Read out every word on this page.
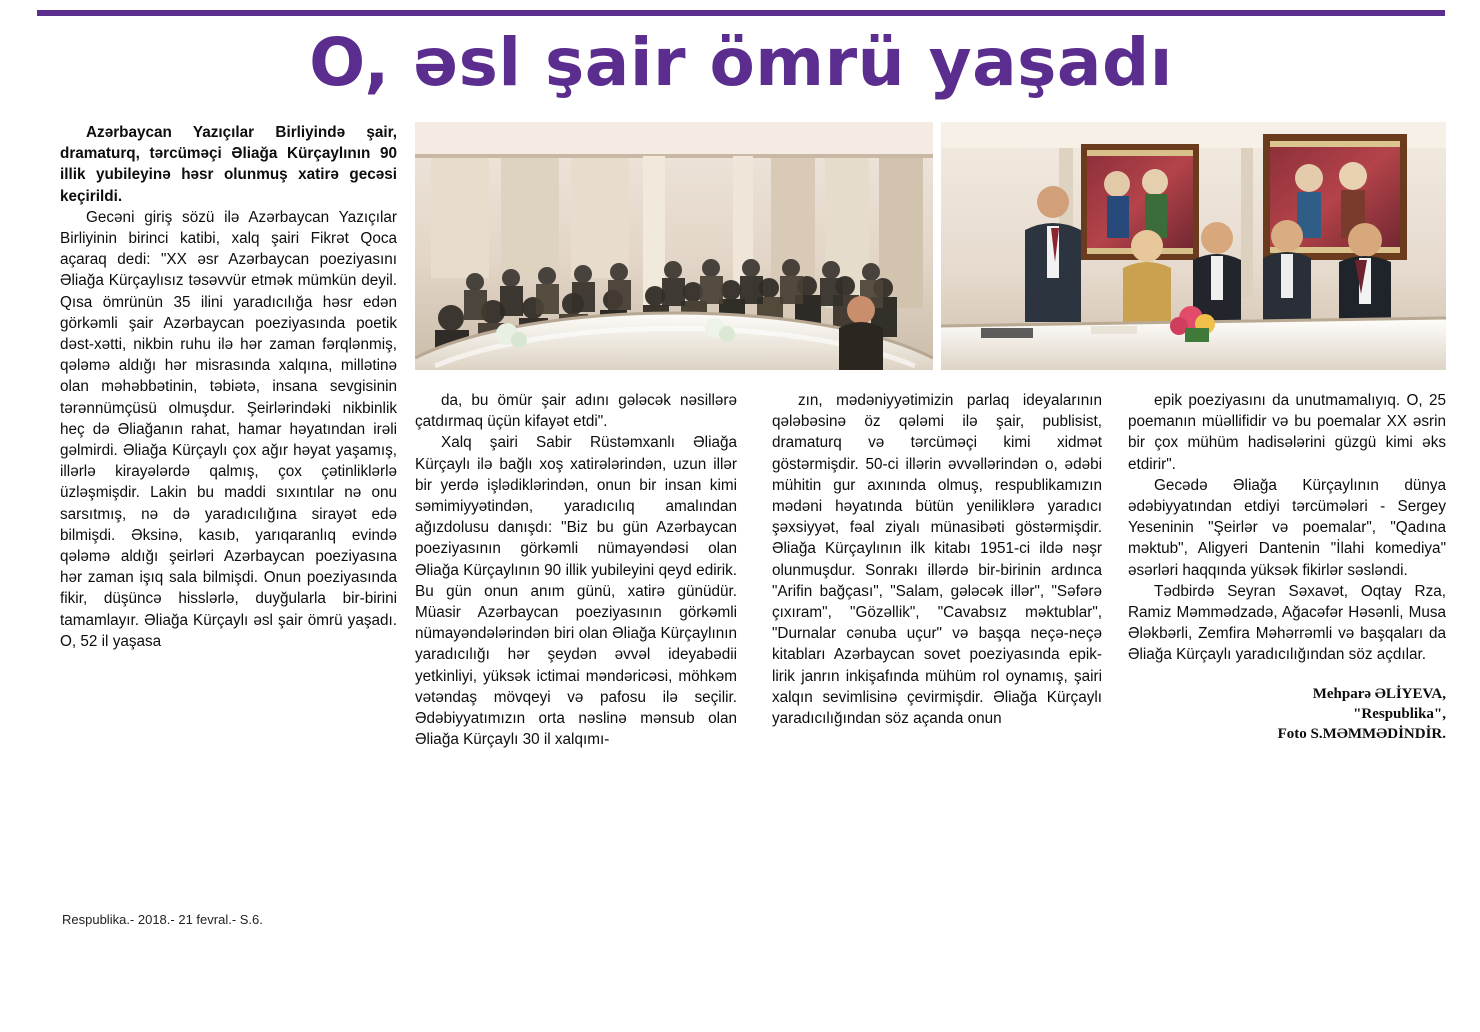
O, əsl şair ömrü yaşadı

Azərbaycan Yazıçılar Birliyində şair, dramaturq, tərcüməçi Əliağa Kürçaylının 90 illik yubileyinə həsr olunmuş xatirə gecəsi keçirildi.

Gecəni giriş sözü ilə Azərbaycan Yazıçılar Birliyinin birinci katibi, xalq şairi Fikrət Qoca açaraq dedi: "XX əsr Azərbaycan poeziyasını Əliağa Kürçaylısız təsəvvür etmək mümkün deyil. Qısa ömrünün 35 ilini yaradıcılığa həsr edən görkəmli şair Azərbaycan poeziyasında poetik dəst-xətti, nikbin ruhu ilə hər zaman fərqlənmiş, qələmə aldığı hər misrasında xalqına, millətinə olan məhəbbətinin, təbiətə, insana sevgisinin tərənnümçüsü olmuşdur. Şeirlərindəki nikbinlik heç də Əliağanın rahat, hamar həyatından irəli gəlmirdi. Əliağa Kürçaylı çox ağır həyat yaşamış, illərlə kirayələrdə qalmış, çox çətinliklərlə üzləşmişdir. Lakin bu maddi sıxıntılar nə onu sarsıtmış, nə də yaradıcılığına sirayət edə bilmişdi. Əksinə, kasıb, yarıqaranlıq evində qələmə aldığı şeirləri Azərbaycan poeziyasına hər zaman işıq sala bilmişdi. Onun poeziyasında fikir, düşüncə hisslərlə, duyğularla bir-birini tamamlayır. Əliağa Kürçaylı əsl şair ömrü yaşadı. O, 52 il yaşasa

da, bu ömür şair adını gələcək nəsillərə çatdırmaq üçün kifayət etdi".

Xalq şairi Sabir Rüstəmxanlı Əliağa Kürçaylı ilə bağlı xoş xatirələrindən, uzun illər bir yerdə işlədiklərindən, onun bir insan kimi səmimiyyətindən, yaradıcılıq amalından ağızdolusu danışdı: "Biz bu gün Azərbaycan poeziyasının görkəmli nümayəndəsi olan Əliağa Kürçaylının 90 illik yubileyini qeyd edirik. Bu gün onun anım günü, xatirə günüdür. Müasir Azərbaycan poeziyasının görkəmli nümayəndələrindən biri olan Əliağa Kürçaylının yaradıcılığı hər şeydən əvvəl ideyabədii yetkinliyi, yüksək ictimai məndəricəsi, möhkəm vətəndaş mövqeyi və pafosu ilə seçilir. Ədəbiyyatımızın orta nəslinə mənsub olan Əliağa Kürçaylı 30 il xalqımı-

zın, mədəniyyətimizin parlaq ideyalarının qələbəsinə öz qələmi ilə şair, publisist, dramaturq və tərcüməçi kimi xidmət göstərmişdir. 50-ci illərin əvvəllərindən o, ədəbi mühitin gur axınında olmuş, respublikamızın mədəni həyatında bütün yeniliklərə yaradıcı şəxsiyyət, fəal ziyalı münasibəti göstərmişdir. Əliağa Kürçaylının ilk kitabı 1951-ci ildə nəşr olunmuşdur. Sonrakı illərdə bir-birinin ardınca "Arifin bağçası", "Salam, gələcək illər", "Səfərə çıxıram", "Gözəllik", "Cavabsız məktublar", "Durnalar cənuba uçur" və başqa neçə-neçə kitabları Azərbaycan sovet poeziyasında epik-lirik janrın inkişafında mühüm rol oynamış, şairi xalqın sevimlisinə çevirmişdir. Əliağa Kürçaylı yaradıcılığından söz açanda onun

epik poeziyasını da unutmamalıyıq. O, 25 poemanın müəllifidir və bu poemalar XX əsrin bir çox mühüm hadisələrini güzgü kimi əks etdirir".

Gecədə Əliağa Kürçaylının dünya ədəbiyyatından etdiyi tərcümələri - Sergey Yeseninin "Şeirlər və poemalar", "Qadına məktub", Aligyeri Dantenin "İlahi komediya" əsərləri haqqında yüksək fikirlər səsləndi.

Tədbirdə Seyran Səxavət, Oqtay Rza, Ramiz Məmmədzadə, Ağacəfər Həsənli, Musa Ələkbərli, Zemfira Məhərrəmli və başqaları da Əliağa Kürçaylı yaradıcılığından söz açdılar.

Mehparə ƏLİYEVA,
"Respublika",
Foto S.MƏMMƏDİNDİR.
Respublika.- 2018.- 21 fevral.- S.6.
